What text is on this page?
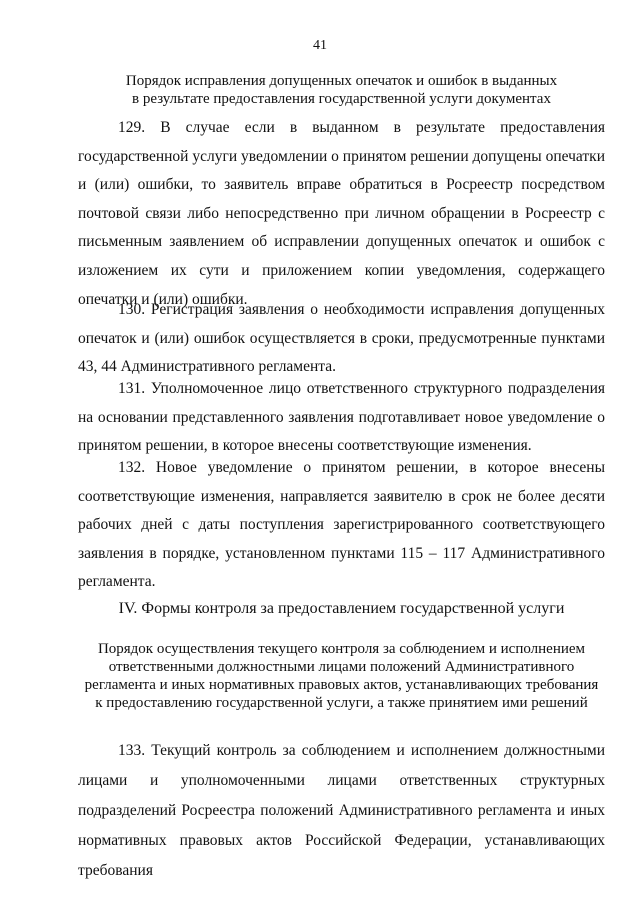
41
Порядок исправления допущенных опечаток и ошибок в выданных
в результате предоставления государственной услуги документах

129. В случае если в выданном в результате предоставления государственной услуги уведомлении о принятом решении допущены опечатки и (или) ошибки, то заявитель вправе обратиться в Росреестр посредством почтовой связи либо непосредственно при личном обращении в Росреестр с письменным заявлением об исправлении допущенных опечаток и ошибок с изложением их сути и приложением копии уведомления, содержащего опечатки и (или) ошибки.

130. Регистрация заявления о необходимости исправления допущенных опечаток и (или) ошибок осуществляется в сроки, предусмотренные пунктами 43, 44 Административного регламента.

131. Уполномоченное лицо ответственного структурного подразделения на основании представленного заявления подготавливает новое уведомление о принятом решении, в которое внесены соответствующие изменения.

132. Новое уведомление о принятом решении, в которое внесены соответствующие изменения, направляется заявителю в срок не более десяти рабочих дней с даты поступления зарегистрированного соответствующего заявления в порядке, установленном пунктами 115 – 117 Административного регламента.

IV. Формы контроля за предоставлением государственной услуги
Порядок осуществления текущего контроля за соблюдением и исполнением
ответственными должностными лицами положений Административного
регламента и иных нормативных правовых актов, устанавливающих требования
к предоставлению государственной услуги, а также принятием ими решений

133. Текущий контроль за соблюдением и исполнением должностными лицами и уполномоченными лицами ответственных структурных подразделений Росреестра положений Административного регламента и иных нормативных правовых актов Российской Федерации, устанавливающих требования
